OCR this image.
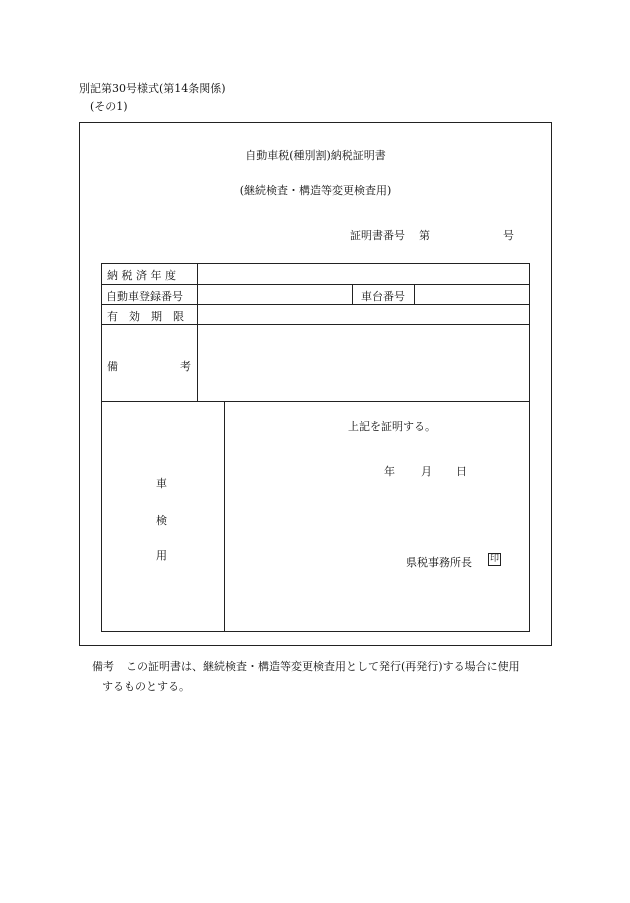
別記第30号様式(第14条関係)
(その1)
自動車税(種別割)納税証明書
(継続検査・構造等変更検査用)
証明書番号 第	号
納 税 済 年 度
自動車登録番号	車台番号
有　効　期　限
備	考
車
検
用
上記を証明する。
年 月 日
県税事務所長 印
備考 この証明書は、継続検査・構造等変更検査用として発行(再発行)する場合に使用
するものとする。
